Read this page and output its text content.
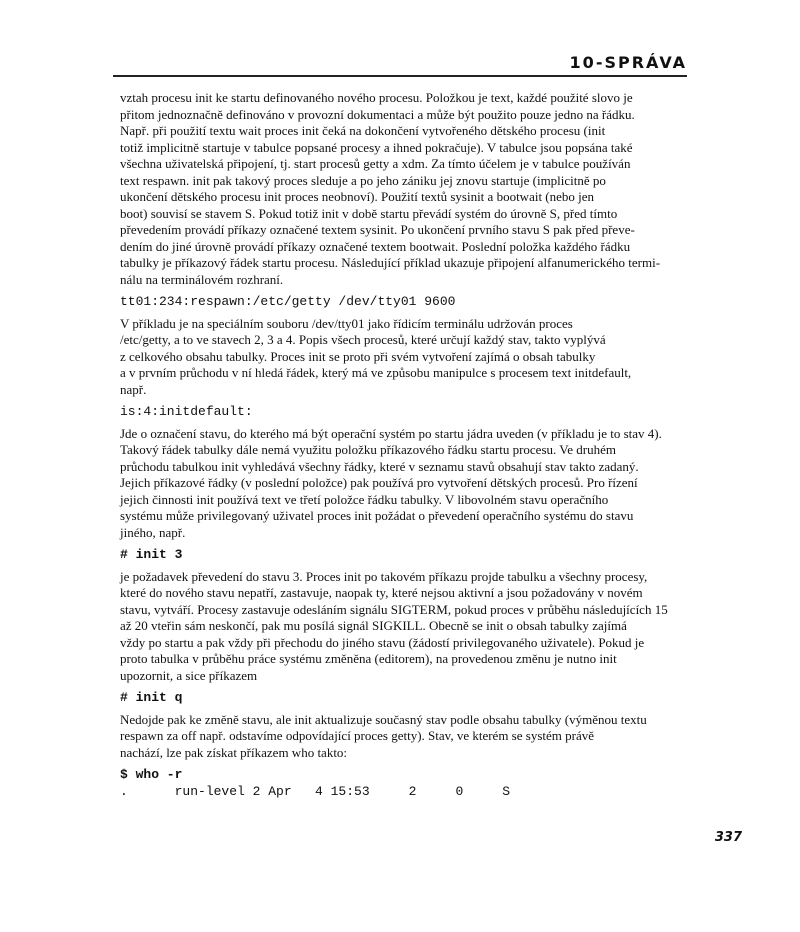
10-SPRÁVA

vztah procesu init ke startu definovaného nového procesu. Položkou je text, každé použité slovo je
přitom jednoznačně definováno v provozní dokumentaci a může být použito pouze jedno na řádku.
Např. při použití textu wait proces init čeká na dokončení vytvořeného dětského procesu (init
totiž implicitně startuje v tabulce popsané procesy a ihned pokračuje). V tabulce jsou popsána také
všechna uživatelská připojení, tj. start procesů getty a xdm. Za tímto účelem je v tabulce používán
text respawn. init pak takový proces sleduje a po jeho zániku jej znovu startuje (implicitně po
ukončení dětského procesu init proces neobnoví). Použití textů sysinit a bootwait (nebo jen
boot) souvisí se stavem S. Pokud totiž init v době startu převádí systém do úrovně S, před tímto
převedením provádí příkazy označené textem sysinit. Po ukončení prvního stavu S pak před převe-
dením do jiné úrovně provádí příkazy označené textem bootwait. Poslední položka každého řádku
tabulky je příkazový řádek startu procesu. Následující příklad ukazuje připojení alfanumerického termi-
nálu na terminálovém rozhraní.

tt01:234:respawn:/etc/getty /dev/tty01 9600

V příkladu je na speciálním souboru /dev/tty01 jako řídicím terminálu udržován proces
/etc/getty, a to ve stavech 2, 3 a 4. Popis všech procesů, které určují každý stav, takto vyplývá
z celkového obsahu tabulky. Proces init se proto při svém vytvoření zajímá o obsah tabulky
a v prvním průchodu v ní hledá řádek, který má ve způsobu manipulce s procesem text initdefault,
např.

is:4:initdefault:

Jde o označení stavu, do kterého má být operační systém po startu jádra uveden (v příkladu je to stav 4).
Takový řádek tabulky dále nemá využitu položku příkazového řádku startu procesu. Ve druhém
průchodu tabulkou init vyhledává všechny řádky, které v seznamu stavů obsahují stav takto zadaný.
Jejich příkazové řádky (v poslední položce) pak používá pro vytvoření dětských procesů. Pro řízení
jejich činnosti init používá text ve třetí položce řádku tabulky. V libovolném stavu operačního
systému může privilegovaný uživatel proces init požádat o převedení operačního systému do stavu
jiného, např.

# init 3

je požadavek převedení do stavu 3. Proces init po takovém příkazu projde tabulku a všechny procesy,
které do nového stavu nepatří, zastavuje, naopak ty, které nejsou aktivní a jsou požadovány v novém
stavu, vytváří. Procesy zastavuje odesláním signálu SIGTERM, pokud proces v průběhu následujících 15
až 20 vteřin sám neskončí, pak mu posílá signál SIGKILL. Obecně se init o obsah tabulky zajímá
vždy po startu a pak vždy při přechodu do jiného stavu (žádostí privilegovaného uživatele). Pokud je
proto tabulka v průběhu práce systému změněna (editorem), na provedenou změnu je nutno init
upozornit, a sice příkazem

# init q

Nedojde pak ke změně stavu, ale init aktualizuje současný stav podle obsahu tabulky (výměnou textu
respawn za off např. odstavíme odpovídající proces getty). Stav, ve kterém se systém právě
nachází, lze pak získat příkazem who takto:

$ who -r
.      run-level 2 Apr   4 15:53     2     0     S
337
